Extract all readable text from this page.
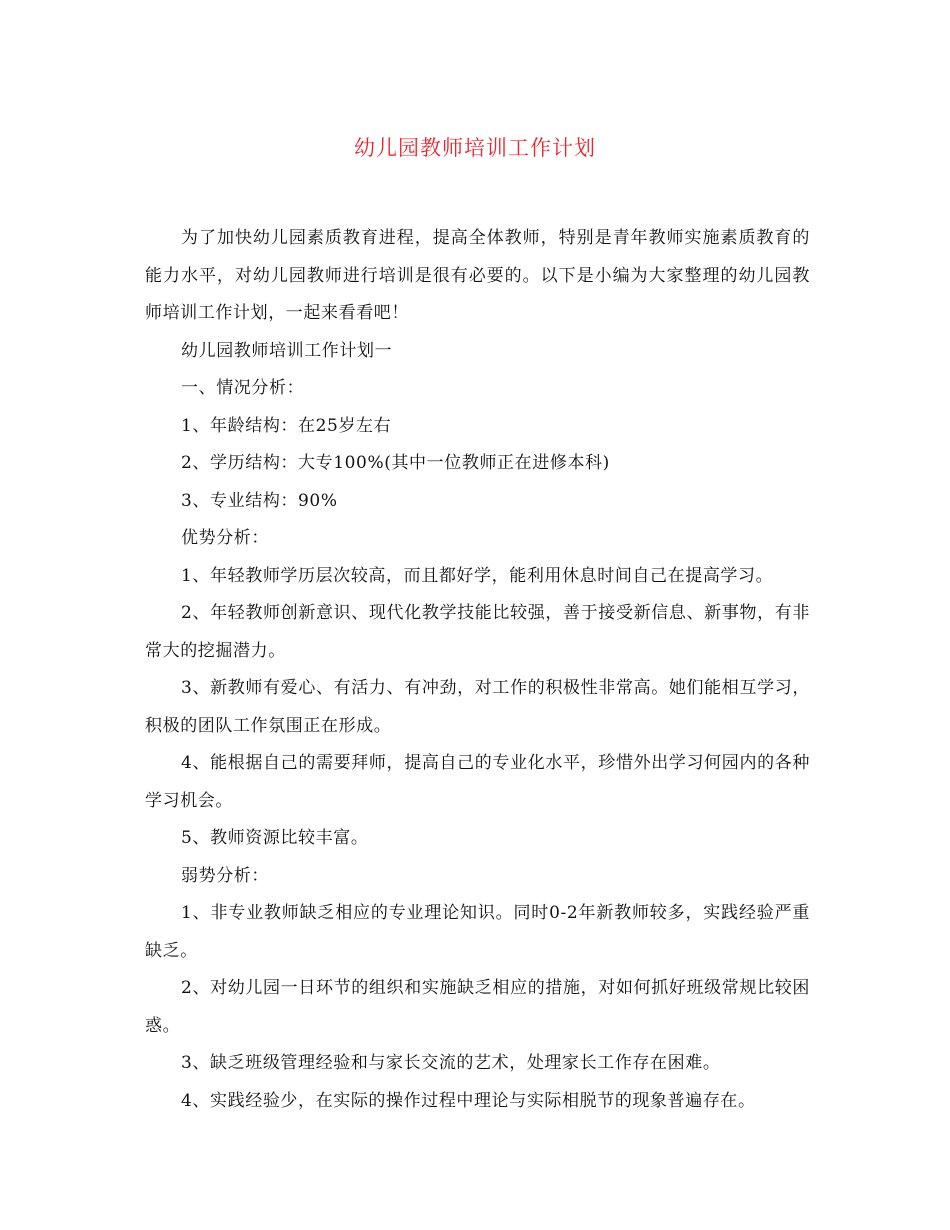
幼儿园教师培训工作计划

为了加快幼儿园素质教育进程，提高全体教师，特别是青年教师实施素质教育的能力水平，对幼儿园教师进行培训是很有必要的。以下是小编为大家整理的幼儿园教师培训工作计划，一起来看看吧！

幼儿园教师培训工作计划一

一、情况分析：

1、年龄结构：在25岁左右

2、学历结构：大专100%(其中一位教师正在进修本科)

3、专业结构：90%

优势分析：

1、年轻教师学历层次较高，而且都好学，能利用休息时间自己在提高学习。

2、年轻教师创新意识、现代化教学技能比较强，善于接受新信息、新事物，有非常大的挖掘潜力。

3、新教师有爱心、有活力、有冲劲，对工作的积极性非常高。她们能相互学习，积极的团队工作氛围正在形成。

4、能根据自己的需要拜师，提高自己的专业化水平，珍惜外出学习何园内的各种学习机会。

5、教师资源比较丰富。

弱势分析：

1、非专业教师缺乏相应的专业理论知识。同时0-2年新教师较多，实践经验严重缺乏。

2、对幼儿园一日环节的组织和实施缺乏相应的措施，对如何抓好班级常规比较困惑。

3、缺乏班级管理经验和与家长交流的艺术，处理家长工作存在困难。

4、实践经验少，在实际的操作过程中理论与实际相脱节的现象普遍存在。
